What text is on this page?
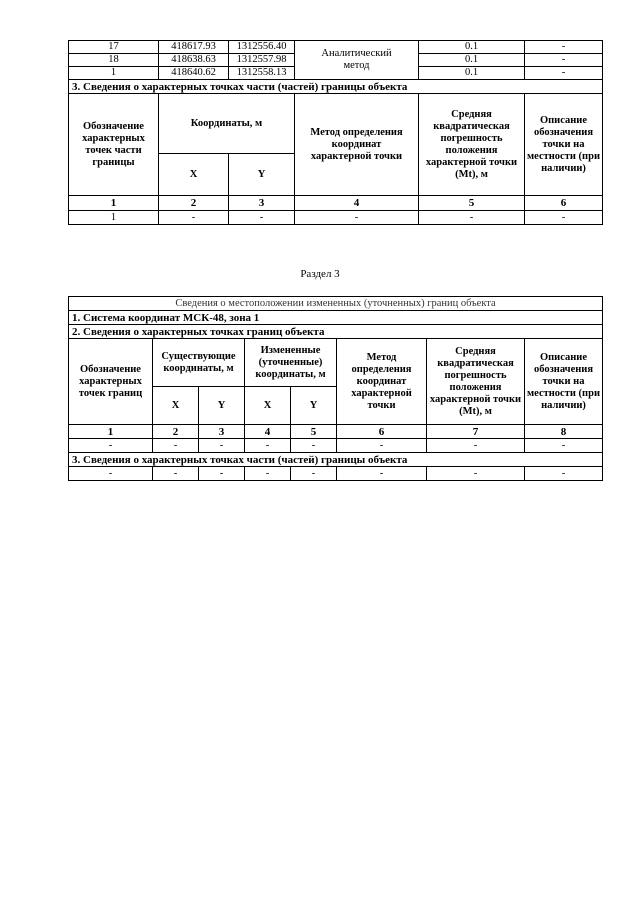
17	418617.93	1312556.40	Аналитический метод	0.1	-
18	418638.63	1312557.98		0.1	-
1	418640.62	1312558.13		0.1	-
3. Сведения о характерных точках части (частей) границы объекта					
Обозначение характерных точек части границы	Координаты, м		Метод определения координат характерной точки	Средняя квадратическая погрешность положения характерной точки (Mt), м	Описание обозначения точки на местности (при наличии)
	X	Y			
1	2	3	4	5	6
1	-	-	-	-	-
Раздел 3
Сведения о местоположении измененных (уточненных) границ объекта							
1. Система координат МСК-48, зона 1							
2. Сведения о характерных точках границ объекта							
Обозначение характерных точек границ	Существующие координаты, м		Измененные (уточненные) координаты, м		Метод определения координат характерной точки	Средняя квадратическая погрешность положения характерной точки (Mt), м	Описание обозначения точки на местности (при наличии)
	X	Y	X	Y			
1	2	3	4	5	6	7	8
-	-	-	-	-	-	-	-
3. Сведения о характерных точках части (частей) границы объекта							
-	-	-	-	-	-	-	-
